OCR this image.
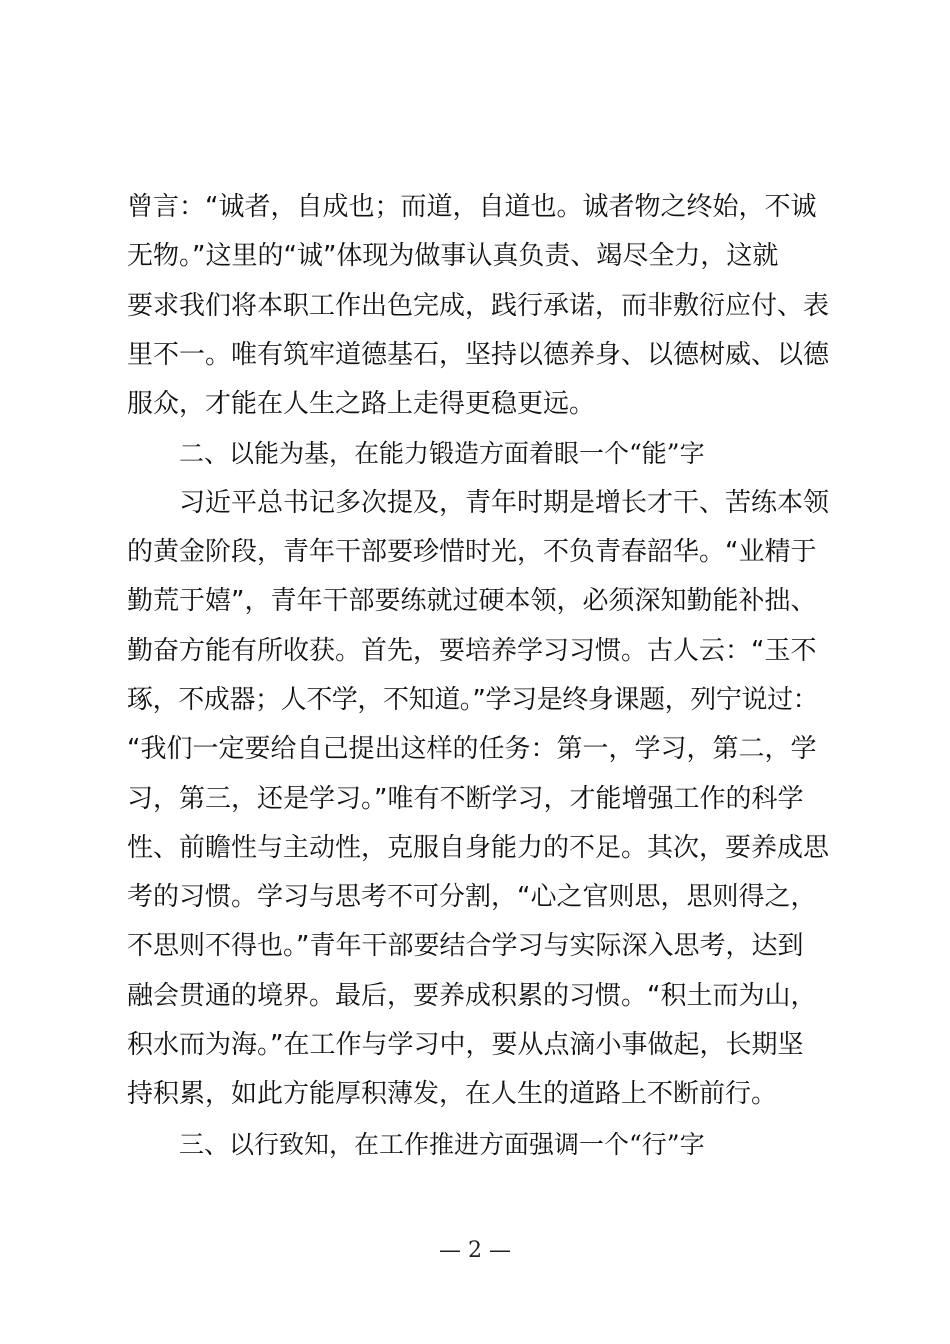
曾言：“诚者，自成也；而道，自道也。诚者物之终始，不诚
无物。”这里的“诚”体现为做事认真负责、竭尽全力，这就
要求我们将本职工作出色完成，践行承诺，而非敷衍应付、表
里不一。唯有筑牢道德基石，坚持以德养身、以德树威、以德
服众，才能在人生之路上走得更稳更远。
二、以能为基，在能力锻造方面着眼一个“能”字
习近平总书记多次提及，青年时期是增长才干、苦练本领
的黄金阶段，青年干部要珍惜时光，不负青春韶华。“业精于
勤荒于嬉”，青年干部要练就过硬本领，必须深知勤能补拙、
勤奋方能有所收获。首先，要培养学习习惯。古人云：“玉不
琢，不成器；人不学，不知道。”学习是终身课题，列宁说过：
“我们一定要给自己提出这样的任务：第一，学习，第二，学
习，第三，还是学习。”唯有不断学习，才能增强工作的科学
性、前瞻性与主动性，克服自身能力的不足。其次，要养成思
考的习惯。学习与思考不可分割，“心之官则思，思则得之，
不思则不得也。”青年干部要结合学习与实际深入思考，达到
融会贯通的境界。最后，要养成积累的习惯。“积土而为山，
积水而为海。”在工作与学习中，要从点滴小事做起，长期坚
持积累，如此方能厚积薄发，在人生的道路上不断前行。
三、以行致知，在工作推进方面强调一个“行”字
— 2 —
